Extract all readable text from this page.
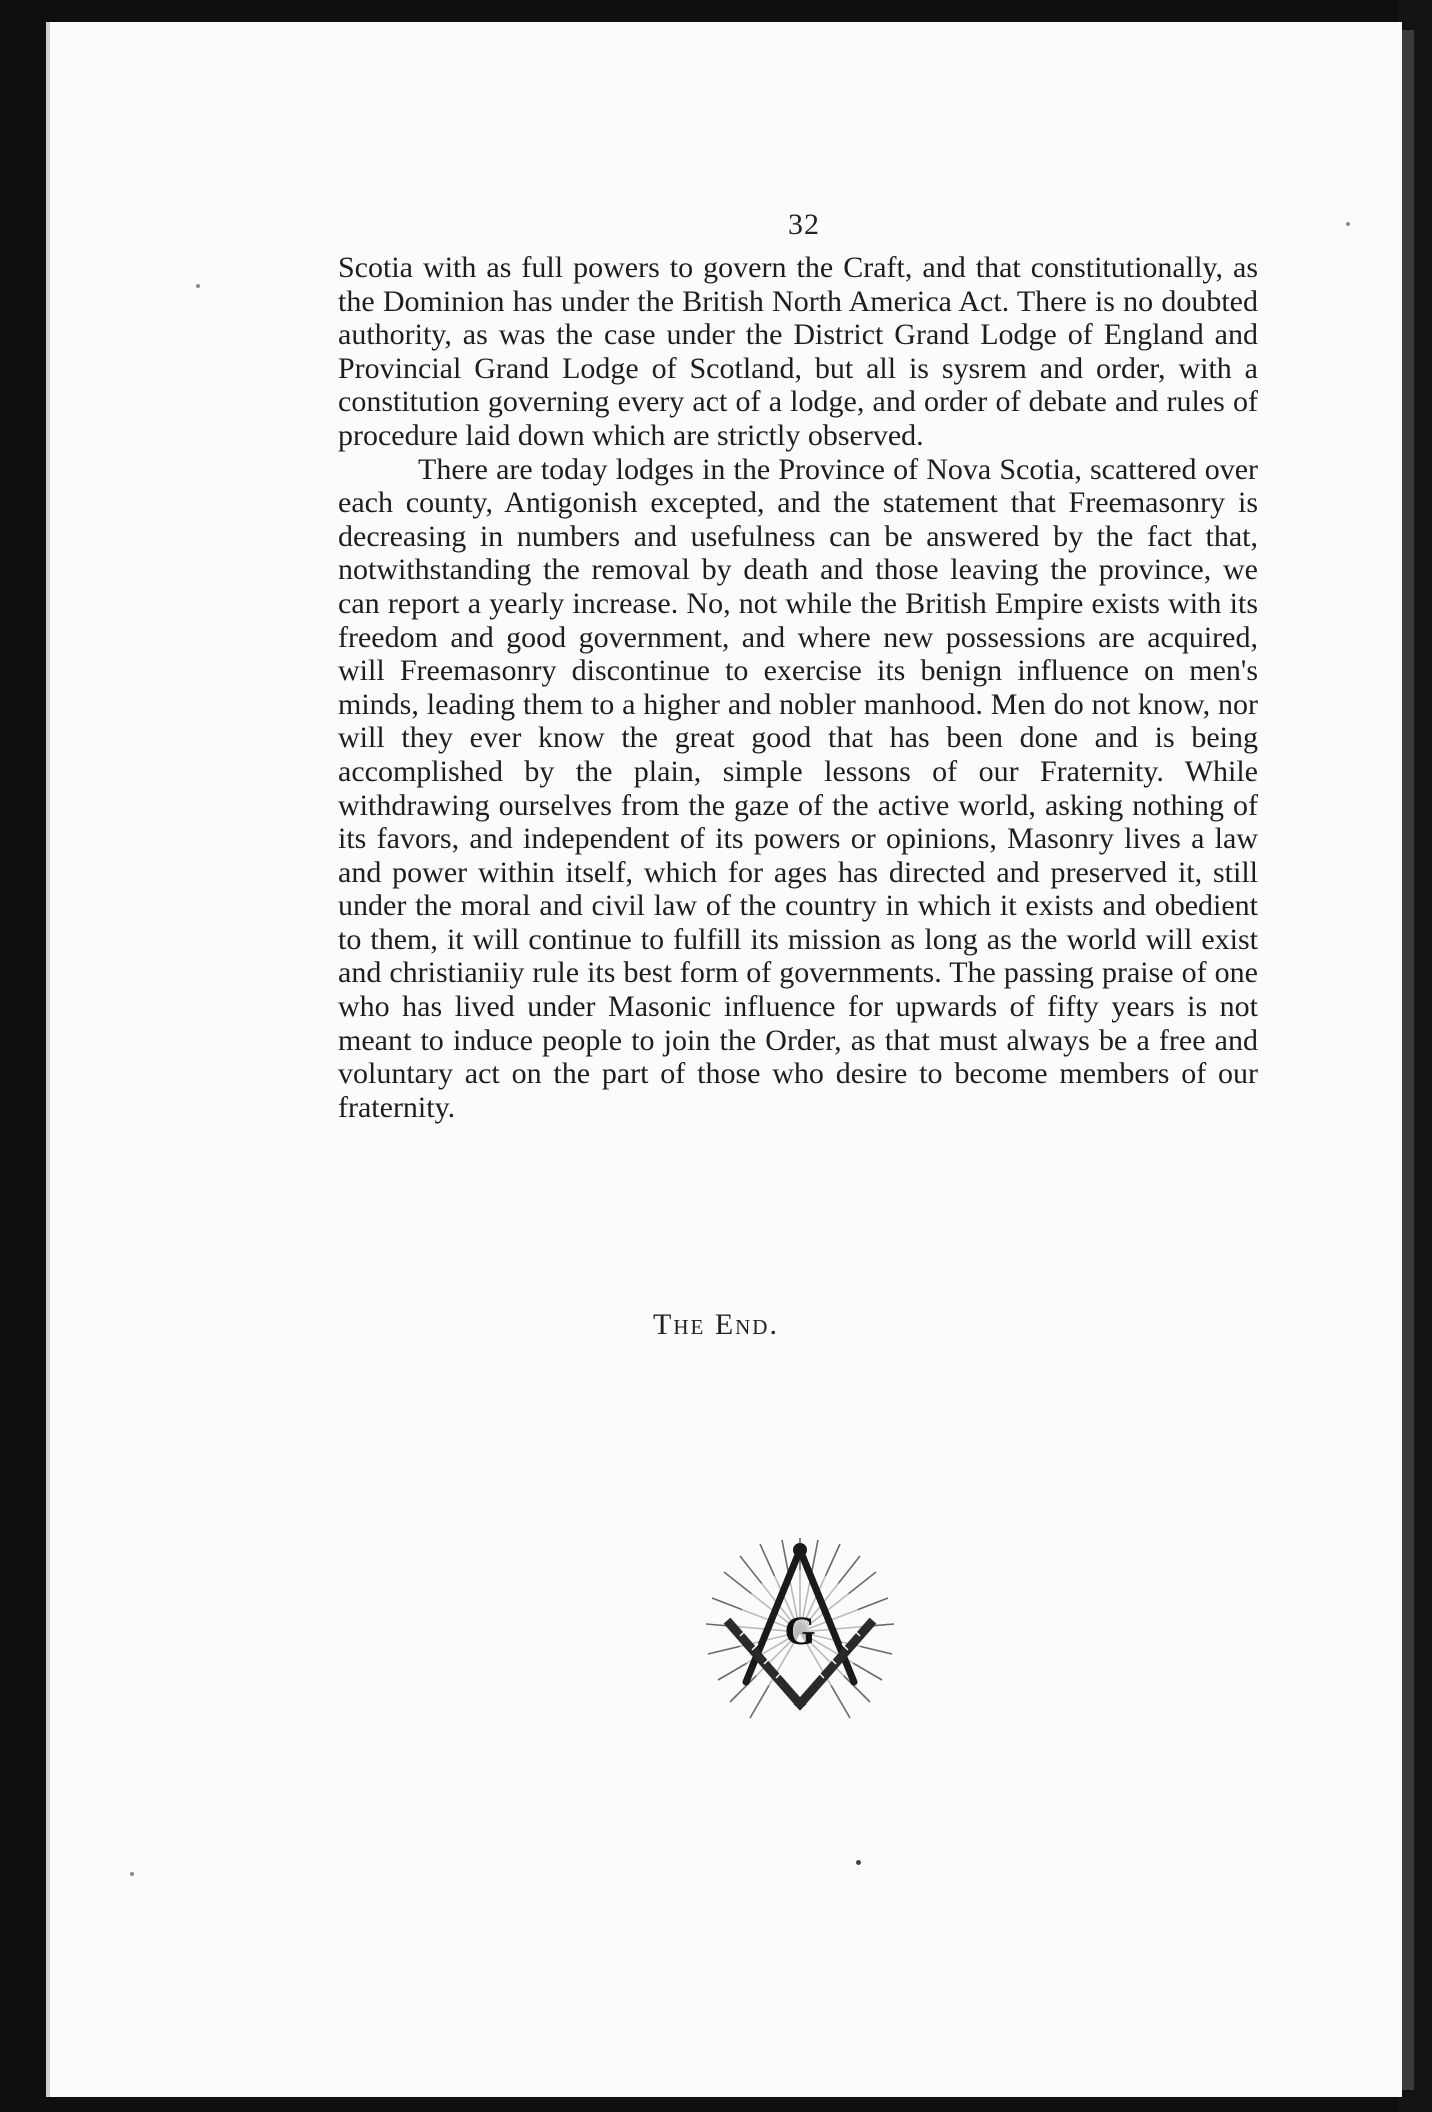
32

Scotia with as full powers to govern the Craft, and that constitutionally, as the Dominion has under the British North America Act. There is no doubted authority, as was the case under the District Grand Lodge of England and Provincial Grand Lodge of Scotland, but all is sysrem and order, with a constitution governing every act of a lodge, and order of debate and rules of procedure laid down which are strictly observed.

There are today lodges in the Province of Nova Scotia, scattered over each county, Antigonish excepted, and the statement that Freemasonry is decreasing in numbers and usefulness can be answered by the fact that, notwithstanding the removal by death and those leaving the province, we can report a yearly increase. No, not while the British Empire exists with its freedom and good government, and where new possessions are acquired, will Freemasonry discontinue to exercise its benign influence on men's minds, leading them to a higher and nobler manhood. Men do not know, nor will they ever know the great good that has been done and is being accomplished by the plain, simple lessons of our Fraternity. While withdrawing ourselves from the gaze of the active world, asking nothing of its favors, and independent of its powers or opinions, Masonry lives a law and power within itself, which for ages has directed and preserved it, still under the moral and civil law of the country in which it exists and obedient to them, it will continue to fulfill its mission as long as the world will exist and christianiiy rule its best form of governments. The passing praise of one who has lived under Masonic influence for upwards of fifty years is not meant to induce people to join the Order, as that must always be a free and voluntary act on the part of those who desire to become members of our fraternity.

The End.
G
